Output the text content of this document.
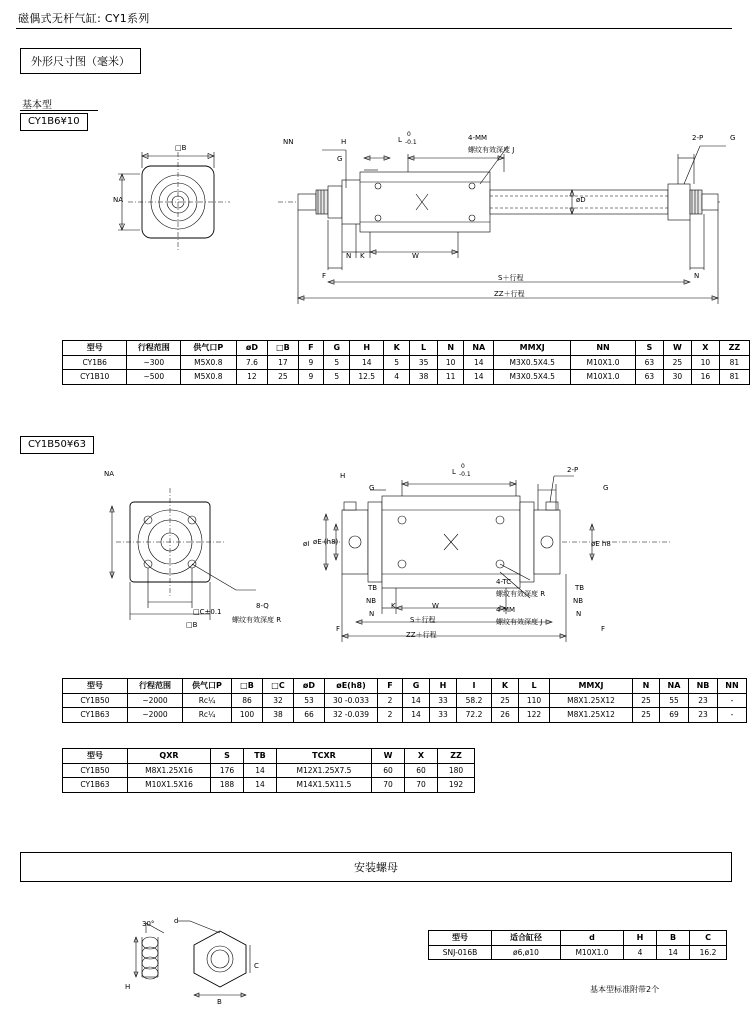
磁偶式无杆气缸: CY1系列
外形尺寸图（毫米）
基本型
CY1B6¥10
NA
□B
NN	H
G
L
0
-0.1
4-MM
螺纹有效深度 J
2-P	G
øD
N K	W
F	N
S＋行程
ZZ＋行程
型号	行程范围	供气口P	øD	□B	F	G	H	K	L	N	NA	MMXJ	NN	S	W	X	ZZ
CY1B6	~300	M5X0.8	7.6	17	9	5	14	5	35	10	14	M3X0.5X4.5	M10X1.0	63	25	10	81
CY1B10	~500	M5X0.8	12	25	9	5	12.5	4	38	11	14	M3X0.5X4.5	M10X1.0	63	30	16	81
CY1B50¥63
NA	H	L
0
-0.1
G
2-P
G
øI øE (h8)	øE h8
TB
NB
N
TB
NB
N
4-TC
螺纹有效深度 R
4-MM
螺纹有效深度 J
K	W
S＋行程
ZZ＋行程
F	F
□C±0.1
□B
8-Q
螺纹有效深度 R
型号	行程范围	供气口P	□B	□C	øD	øE(h8)	F	G	H	I	K	L	MMXJ	N	NA	NB	NN
CY1B50	~2000	Rc¼	86	32	53	30 -0.033	2	14	33	58.2	25	110	M8X1.25X12	25	55	23	-
CY1B63	~2000	Rc¼	100	38	66	32 -0.039	2	14	33	72.2	26	122	M8X1.25X12	25	69	23	-
型号	QXR	S	TB	TCXR	W	X	ZZ
CY1B50	M8X1.25X16	176	14	M12X1.25X7.5	60	60	180
CY1B63	M10X1.5X16	188	14	M14X1.5X11.5	70	70	192
安装螺母
30°
H
d
C
B
型号	适合缸径	d	H	B	C
SNJ-016B	ø6,ø10	M10X1.0	4	14	16.2
基本型标准附带2个
